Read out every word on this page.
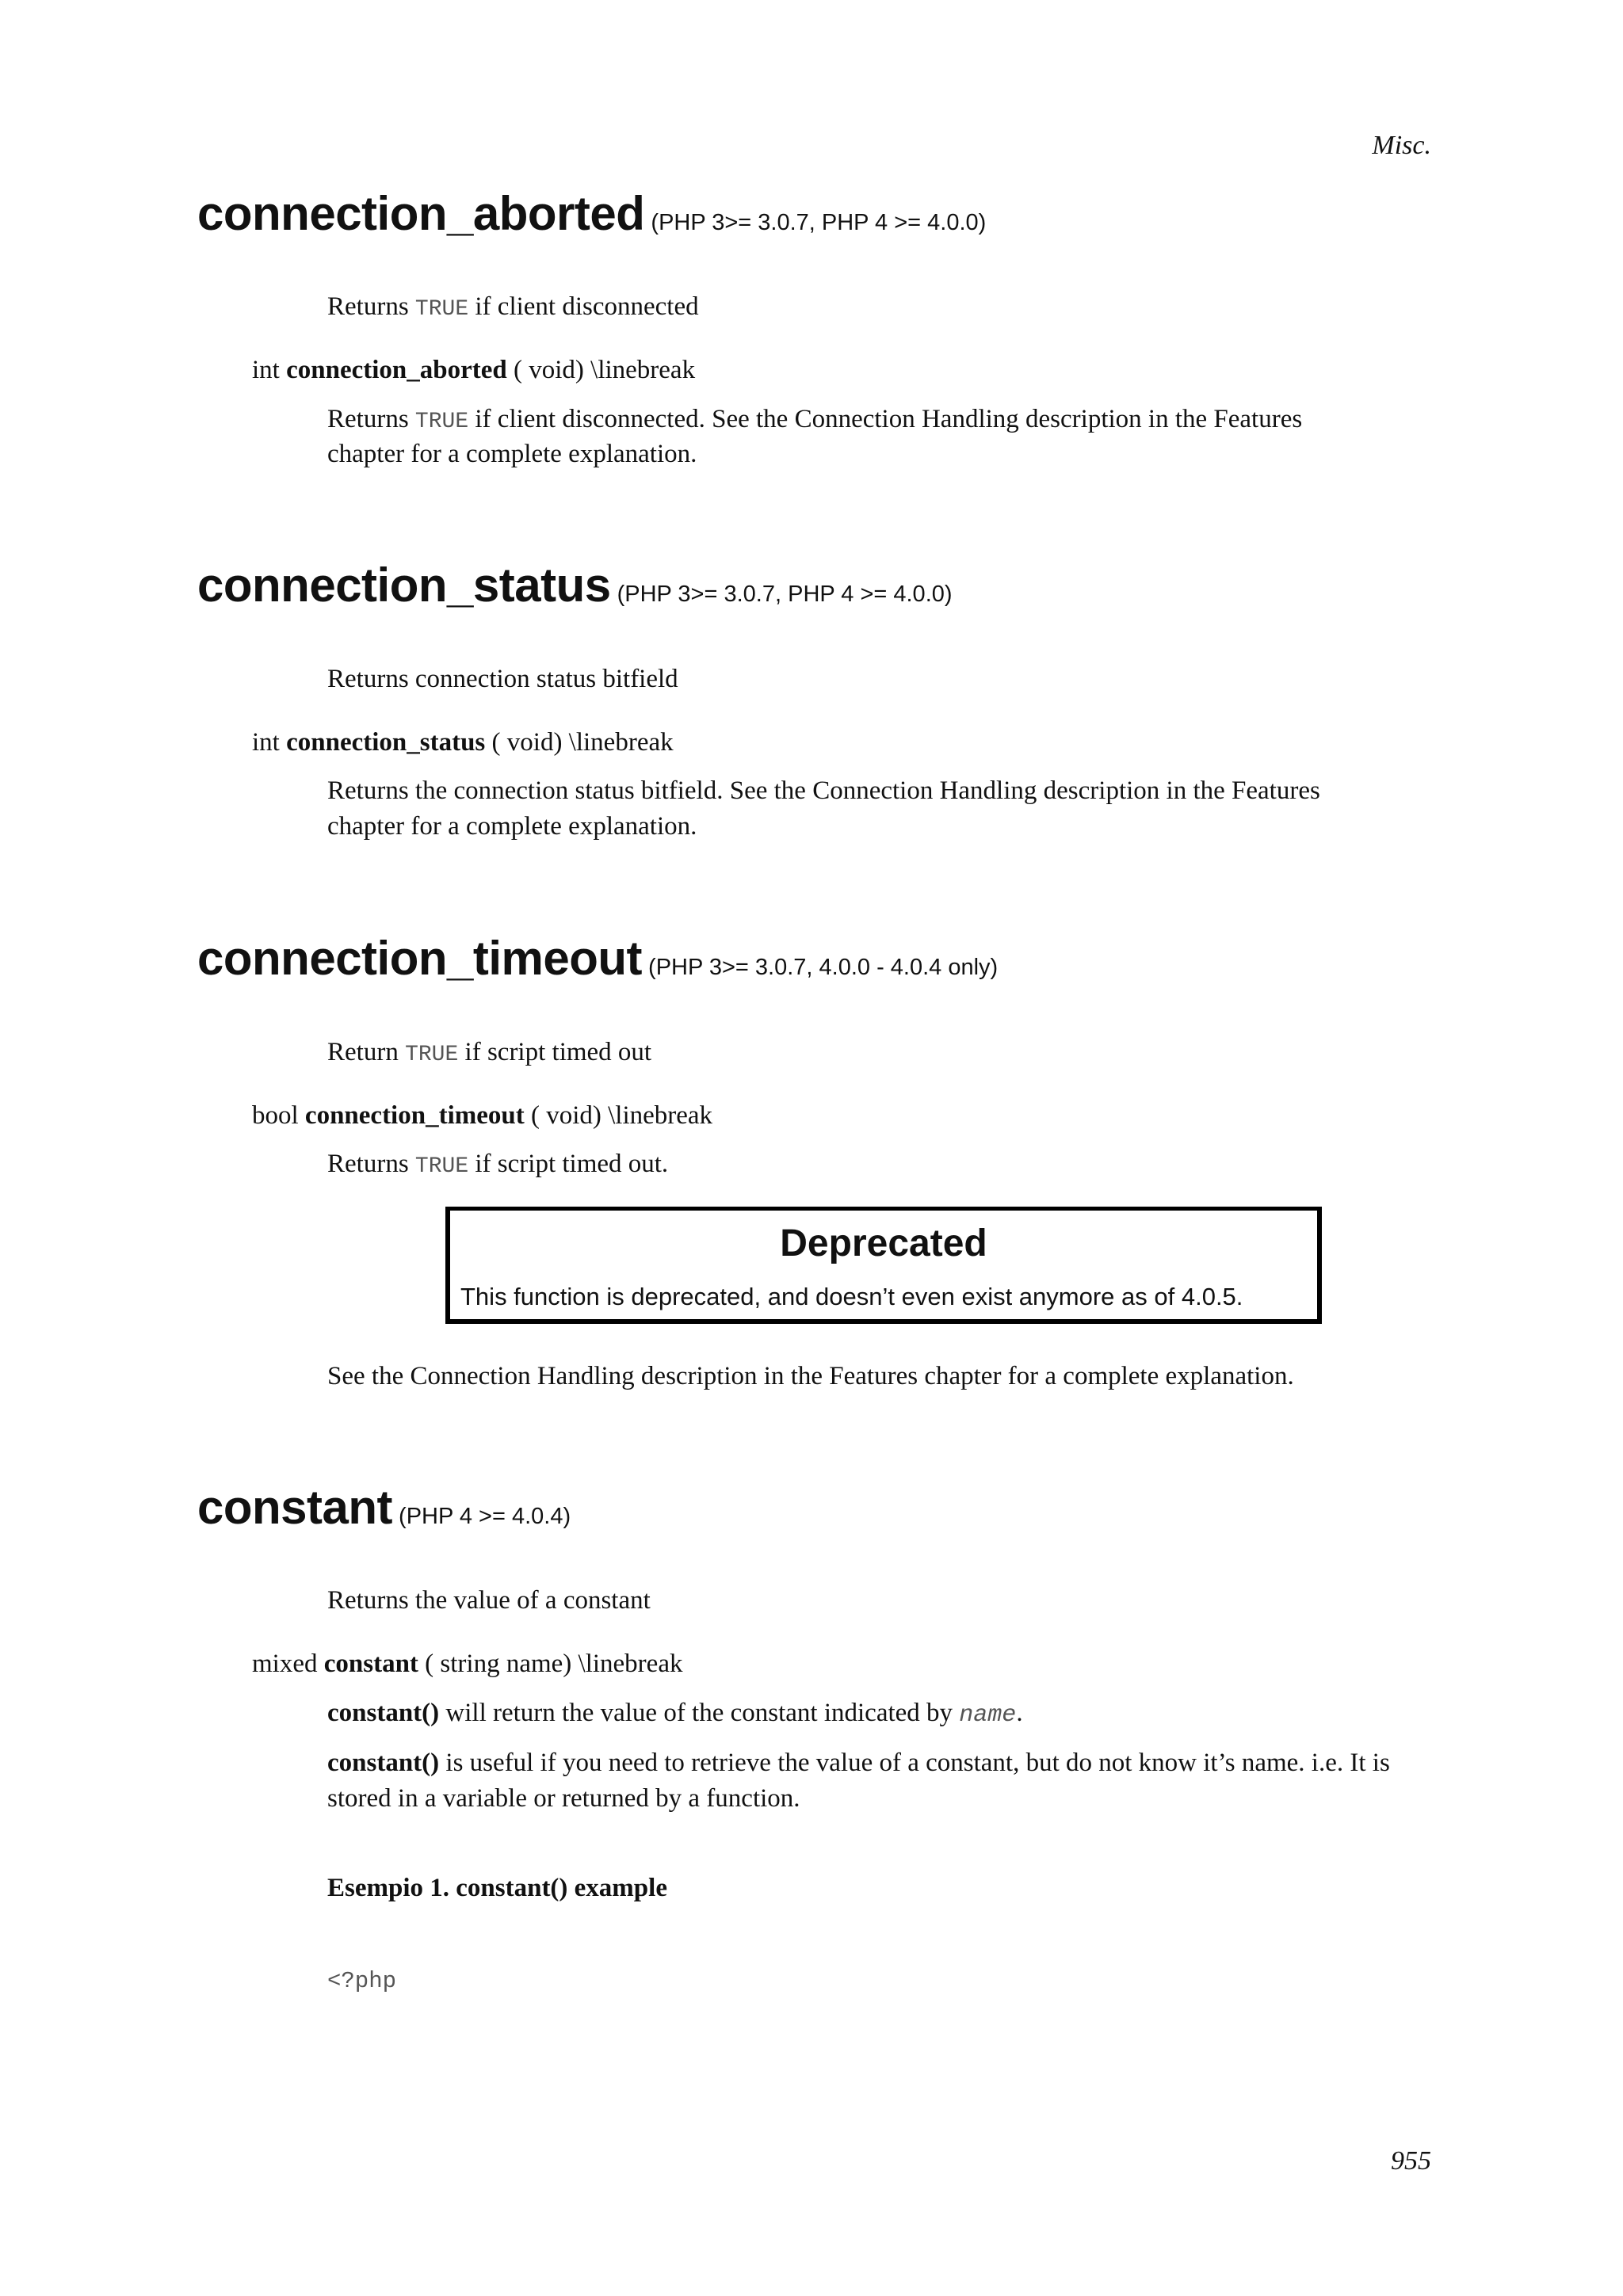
Misc.
connection_aborted (PHP 3>= 3.0.7, PHP 4 >= 4.0.0)
Returns TRUE if client disconnected
int connection_aborted ( void) \linebreak
Returns TRUE if client disconnected. See the Connection Handling description in the Features
chapter for a complete explanation.
connection_status (PHP 3>= 3.0.7, PHP 4 >= 4.0.0)
Returns connection status bitfield
int connection_status ( void) \linebreak
Returns the connection status bitfield. See the Connection Handling description in the Features
chapter for a complete explanation.
connection_timeout (PHP 3>= 3.0.7, 4.0.0 - 4.0.4 only)
Return TRUE if script timed out
bool connection_timeout ( void) \linebreak
Returns TRUE if script timed out.
Deprecated
This function is deprecated, and doesn’t even exist anymore as of 4.0.5.
See the Connection Handling description in the Features chapter for a complete explanation.
constant (PHP 4 >= 4.0.4)
Returns the value of a constant
mixed constant ( string name) \linebreak
constant() will return the value of the constant indicated by name.
constant() is useful if you need to retrieve the value of a constant, but do not know it’s name. i.e. It is
stored in a variable or returned by a function.
Esempio 1. constant() example
<?php
955
